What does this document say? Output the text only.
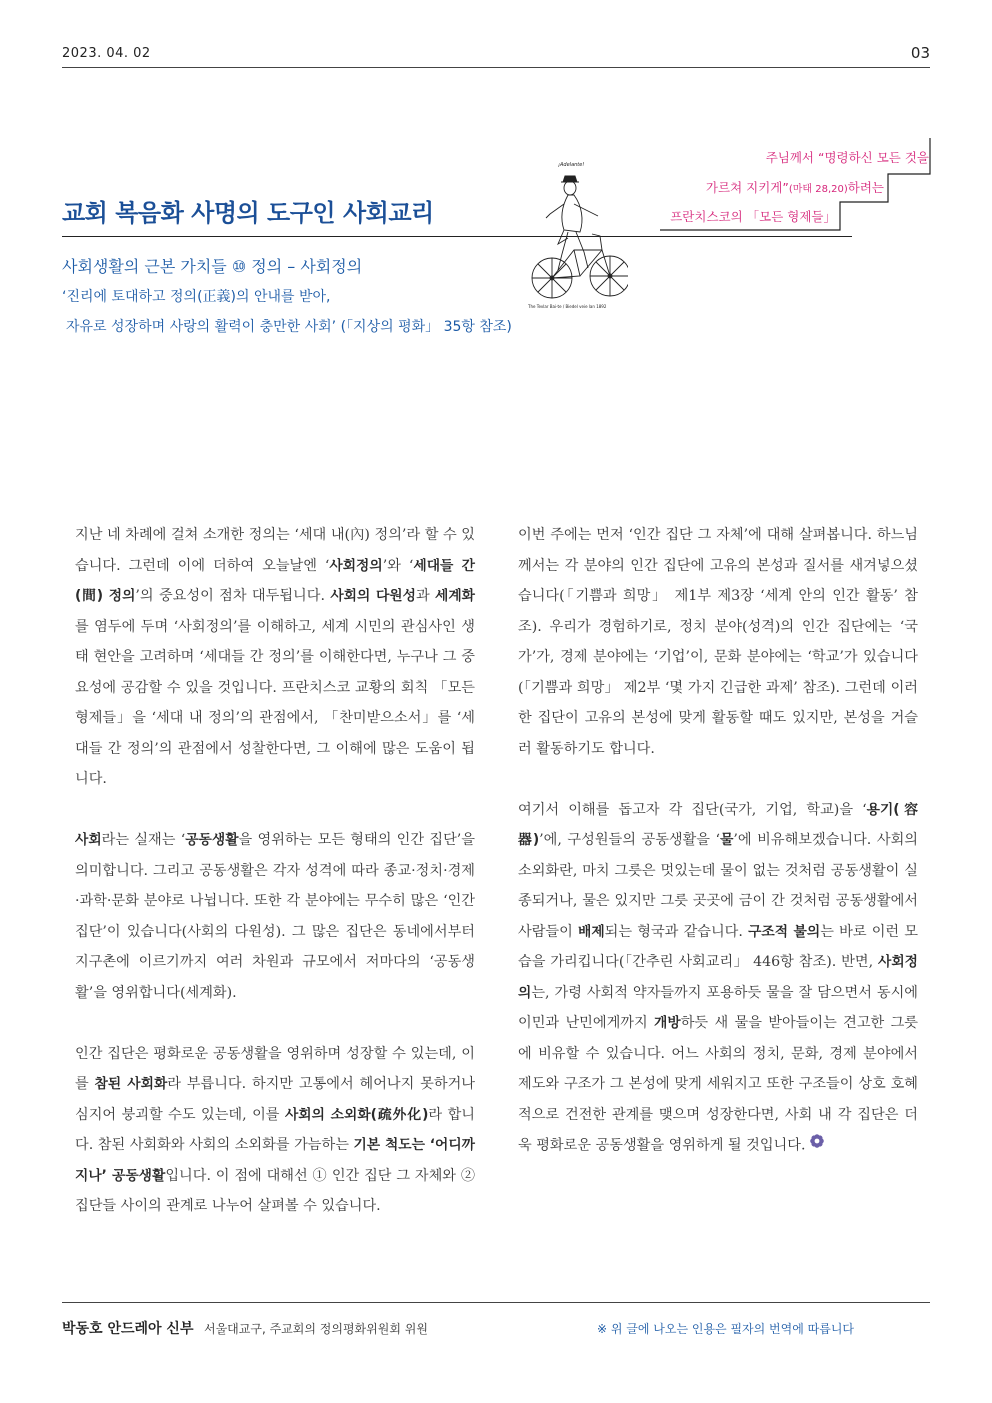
2023. 04. 02	03
주님께서 “명령하신 모든 것을
가르쳐 지키게”(마태 28,20)하려는
프란치스코의 「모든 형제들」
¡Adelante!
The Tevlar Bai-te / Biedel veie lan 1892
교회 복음화 사명의 도구인 사회교리
사회생활의 근본 가치들 ⑩ 정의 – 사회정의
‘진리에 토대하고 정의(正義)의 안내를 받아,
자유로 성장하며 사랑의 활력이 충만한 사회’ (「지상의 평화」 35항 참조)

지난 네 차례에 걸쳐 소개한 정의는 ‘세대 내(內) 정의’라 할 수 있습니다. 그런데 이에 더하여 오늘날엔 ‘사회정의’와 ‘세대들 간(間) 정의’의 중요성이 점차 대두됩니다. 사회의 다원성과 세계화를 염두에 두며 ‘사회정의’를 이해하고, 세계 시민의 관심사인 생태 현안을 고려하며 ‘세대들 간 정의’를 이해한다면, 누구나 그 중요성에 공감할 수 있을 것입니다. 프란치스코 교황의 회칙 「모든 형제들」을 ‘세대 내 정의’의 관점에서, 「찬미받으소서」를 ‘세대들 간 정의’의 관점에서 성찰한다면, 그 이해에 많은 도움이 됩니다.

사회라는 실재는 ‘공동생활을 영위하는 모든 형태의 인간 집단’을 의미합니다. 그리고 공동생활은 각자 성격에 따라 종교·정치·경제·과학·문화 분야로 나뉩니다. 또한 각 분야에는 무수히 많은 ‘인간 집단’이 있습니다(사회의 다원성). 그 많은 집단은 동네에서부터 지구촌에 이르기까지 여러 차원과 규모에서 저마다의 ‘공동생활’을 영위합니다(세계화).

인간 집단은 평화로운 공동생활을 영위하며 성장할 수 있는데, 이를 참된 사회화라 부릅니다. 하지만 고통에서 헤어나지 못하거나 심지어 붕괴할 수도 있는데, 이를 사회의 소외화(疏外化)라 합니다. 참된 사회화와 사회의 소외화를 가늠하는 기본 척도는 ‘어디까지나’ 공동생활입니다. 이 점에 대해선 ① 인간 집단 그 자체와 ② 집단들 사이의 관계로 나누어 살펴볼 수 있습니다.

이번 주에는 먼저 ‘인간 집단 그 자체’에 대해 살펴봅니다. 하느님께서는 각 분야의 인간 집단에 고유의 본성과 질서를 새겨넣으셨습니다(「기쁨과 희망」 제1부 제3장 ‘세계 안의 인간 활동’ 참조). 우리가 경험하기로, 정치 분야(성격)의 인간 집단에는 ‘국가’가, 경제 분야에는 ‘기업’이, 문화 분야에는 ‘학교’가 있습니다(「기쁨과 희망」 제2부 ‘몇 가지 긴급한 과제’ 참조). 그런데 이러한 집단이 고유의 본성에 맞게 활동할 때도 있지만, 본성을 거슬러 활동하기도 합니다.

여기서 이해를 돕고자 각 집단(국가, 기업, 학교)을 ‘용기(容器)’에, 구성원들의 공동생활을 ‘물’에 비유해보겠습니다. 사회의 소외화란, 마치 그릇은 멋있는데 물이 없는 것처럼 공동생활이 실종되거나, 물은 있지만 그릇 곳곳에 금이 간 것처럼 공동생활에서 사람들이 배제되는 형국과 같습니다. 구조적 불의는 바로 이런 모습을 가리킵니다(「간추린 사회교리」 446항 참조). 반면, 사회정의는, 가령 사회적 약자들까지 포용하듯 물을 잘 담으면서 동시에 이민과 난민에게까지 개방하듯 새 물을 받아들이는 견고한 그릇에 비유할 수 있습니다. 어느 사회의 정치, 문화, 경제 분야에서 제도와 구조가 그 본성에 맞게 세워지고 또한 구조들이 상호 호혜적으로 건전한 관계를 맺으며 성장한다면, 사회 내 각 집단은 더욱 평화로운 공동생활을 영위하게 될 것입니다.

박동호 안드레아 신부 서울대교구, 주교회의 정의평화위원회 위원	※ 위 글에 나오는 인용은 필자의 번역에 따릅니다
